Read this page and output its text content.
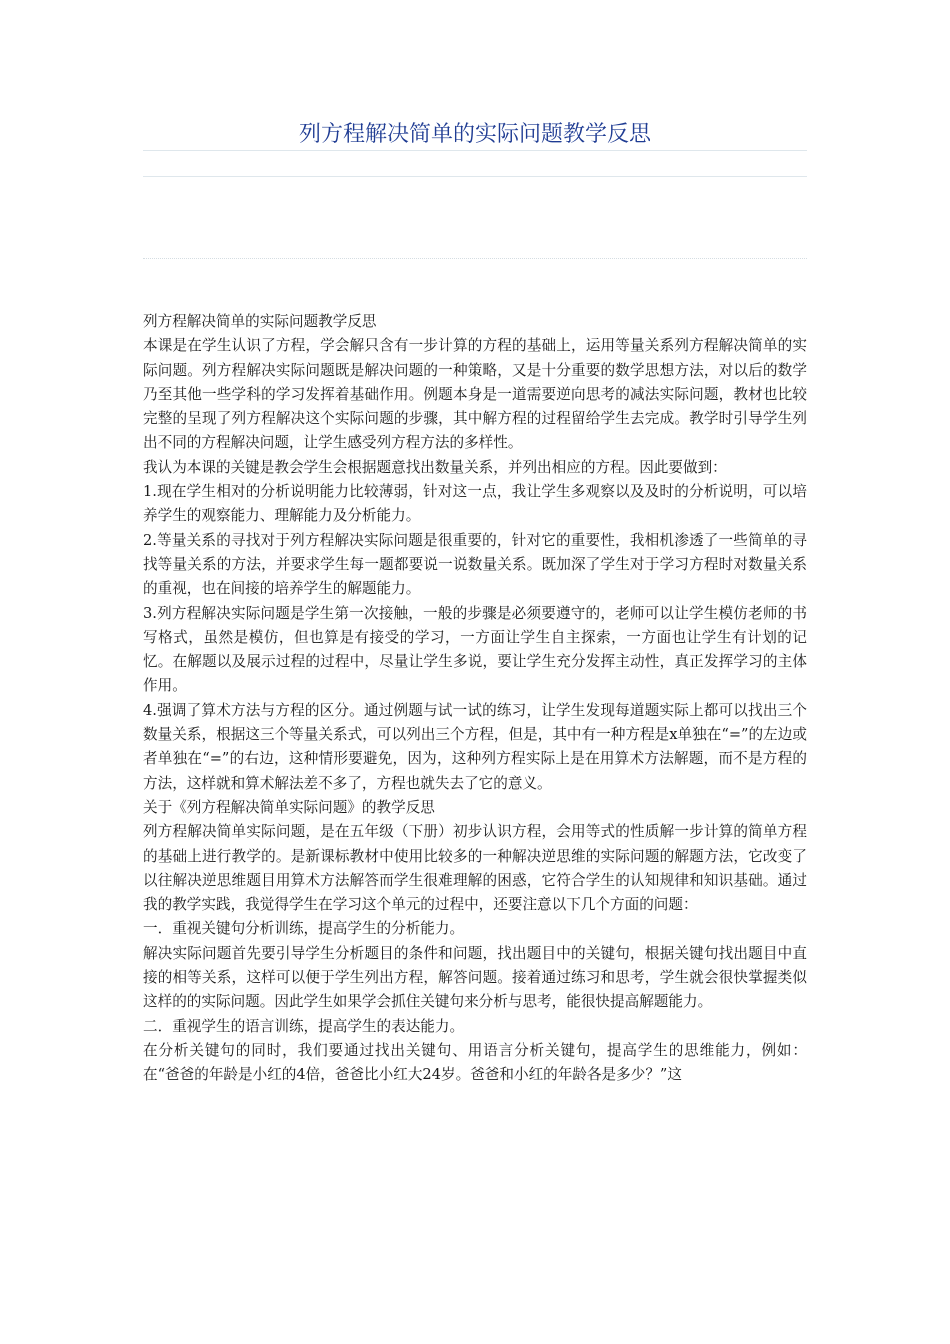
列方程解决简单的实际问题教学反思

列方程解决简单的实际问题教学反思

本课是在学生认识了方程，学会解只含有一步计算的方程的基础上，运用等量关系列方程解决简单的实际问题。列方程解决实际问题既是解决问题的一种策略，又是十分重要的数学思想方法，对以后的数学乃至其他一些学科的学习发挥着基础作用。例题本身是一道需要逆向思考的减法实际问题，教材也比较完整的呈现了列方程解决这个实际问题的步骤，其中解方程的过程留给学生去完成。教学时引导学生列出不同的方程解决问题，让学生感受列方程方法的多样性。

我认为本课的关键是教会学生会根据题意找出数量关系，并列出相应的方程。因此要做到：

1.现在学生相对的分析说明能力比较薄弱，针对这一点，我让学生多观察以及及时的分析说明，可以培养学生的观察能力、理解能力及分析能力。

2.等量关系的寻找对于列方程解决实际问题是很重要的，针对它的重要性，我相机渗透了一些简单的寻找等量关系的方法，并要求学生每一题都要说一说数量关系。既加深了学生对于学习方程时对数量关系的重视，也在间接的培养学生的解题能力。

3.列方程解决实际问题是学生第一次接触，一般的步骤是必须要遵守的，老师可以让学生模仿老师的书写格式，虽然是模仿，但也算是有接受的学习，一方面让学生自主探索，一方面也让学生有计划的记忆。在解题以及展示过程的过程中，尽量让学生多说，要让学生充分发挥主动性，真正发挥学习的主体作用。

4.强调了算术方法与方程的区分。通过例题与试一试的练习，让学生发现每道题实际上都可以找出三个数量关系，根据这三个等量关系式，可以列出三个方程，但是，其中有一种方程是x单独在“=”的左边或者单独在“=”的右边，这种情形要避免，因为，这种列方程实际上是在用算术方法解题，而不是方程的方法，这样就和算术解法差不多了，方程也就失去了它的意义。

关于《列方程解决简单实际问题》的教学反思

列方程解决简单实际问题，是在五年级（下册）初步认识方程，会用等式的性质解一步计算的简单方程的基础上进行教学的。是新课标教材中使用比较多的一种解决逆思维的实际问题的解题方法，它改变了以往解决逆思维题目用算术方法解答而学生很难理解的困惑，它符合学生的认知规律和知识基础。通过我的教学实践，我觉得学生在学习这个单元的过程中，还要注意以下几个方面的问题：

一．重视关键句分析训练，提高学生的分析能力。

解决实际问题首先要引导学生分析题目的条件和问题，找出题目中的关键句，根据关键句找出题目中直接的相等关系，这样可以便于学生列出方程，解答问题。接着通过练习和思考，学生就会很快掌握类似这样的的实际问题。因此学生如果学会抓住关键句来分析与思考，能很快提高解题能力。

二．重视学生的语言训练，提高学生的表达能力。

在分析关键句的同时，我们要通过找出关键句、用语言分析关键句，提高学生的思维能力，例如：在“爸爸的年龄是小红的4倍，爸爸比小红大24岁。爸爸和小红的年龄各是多少？”这
